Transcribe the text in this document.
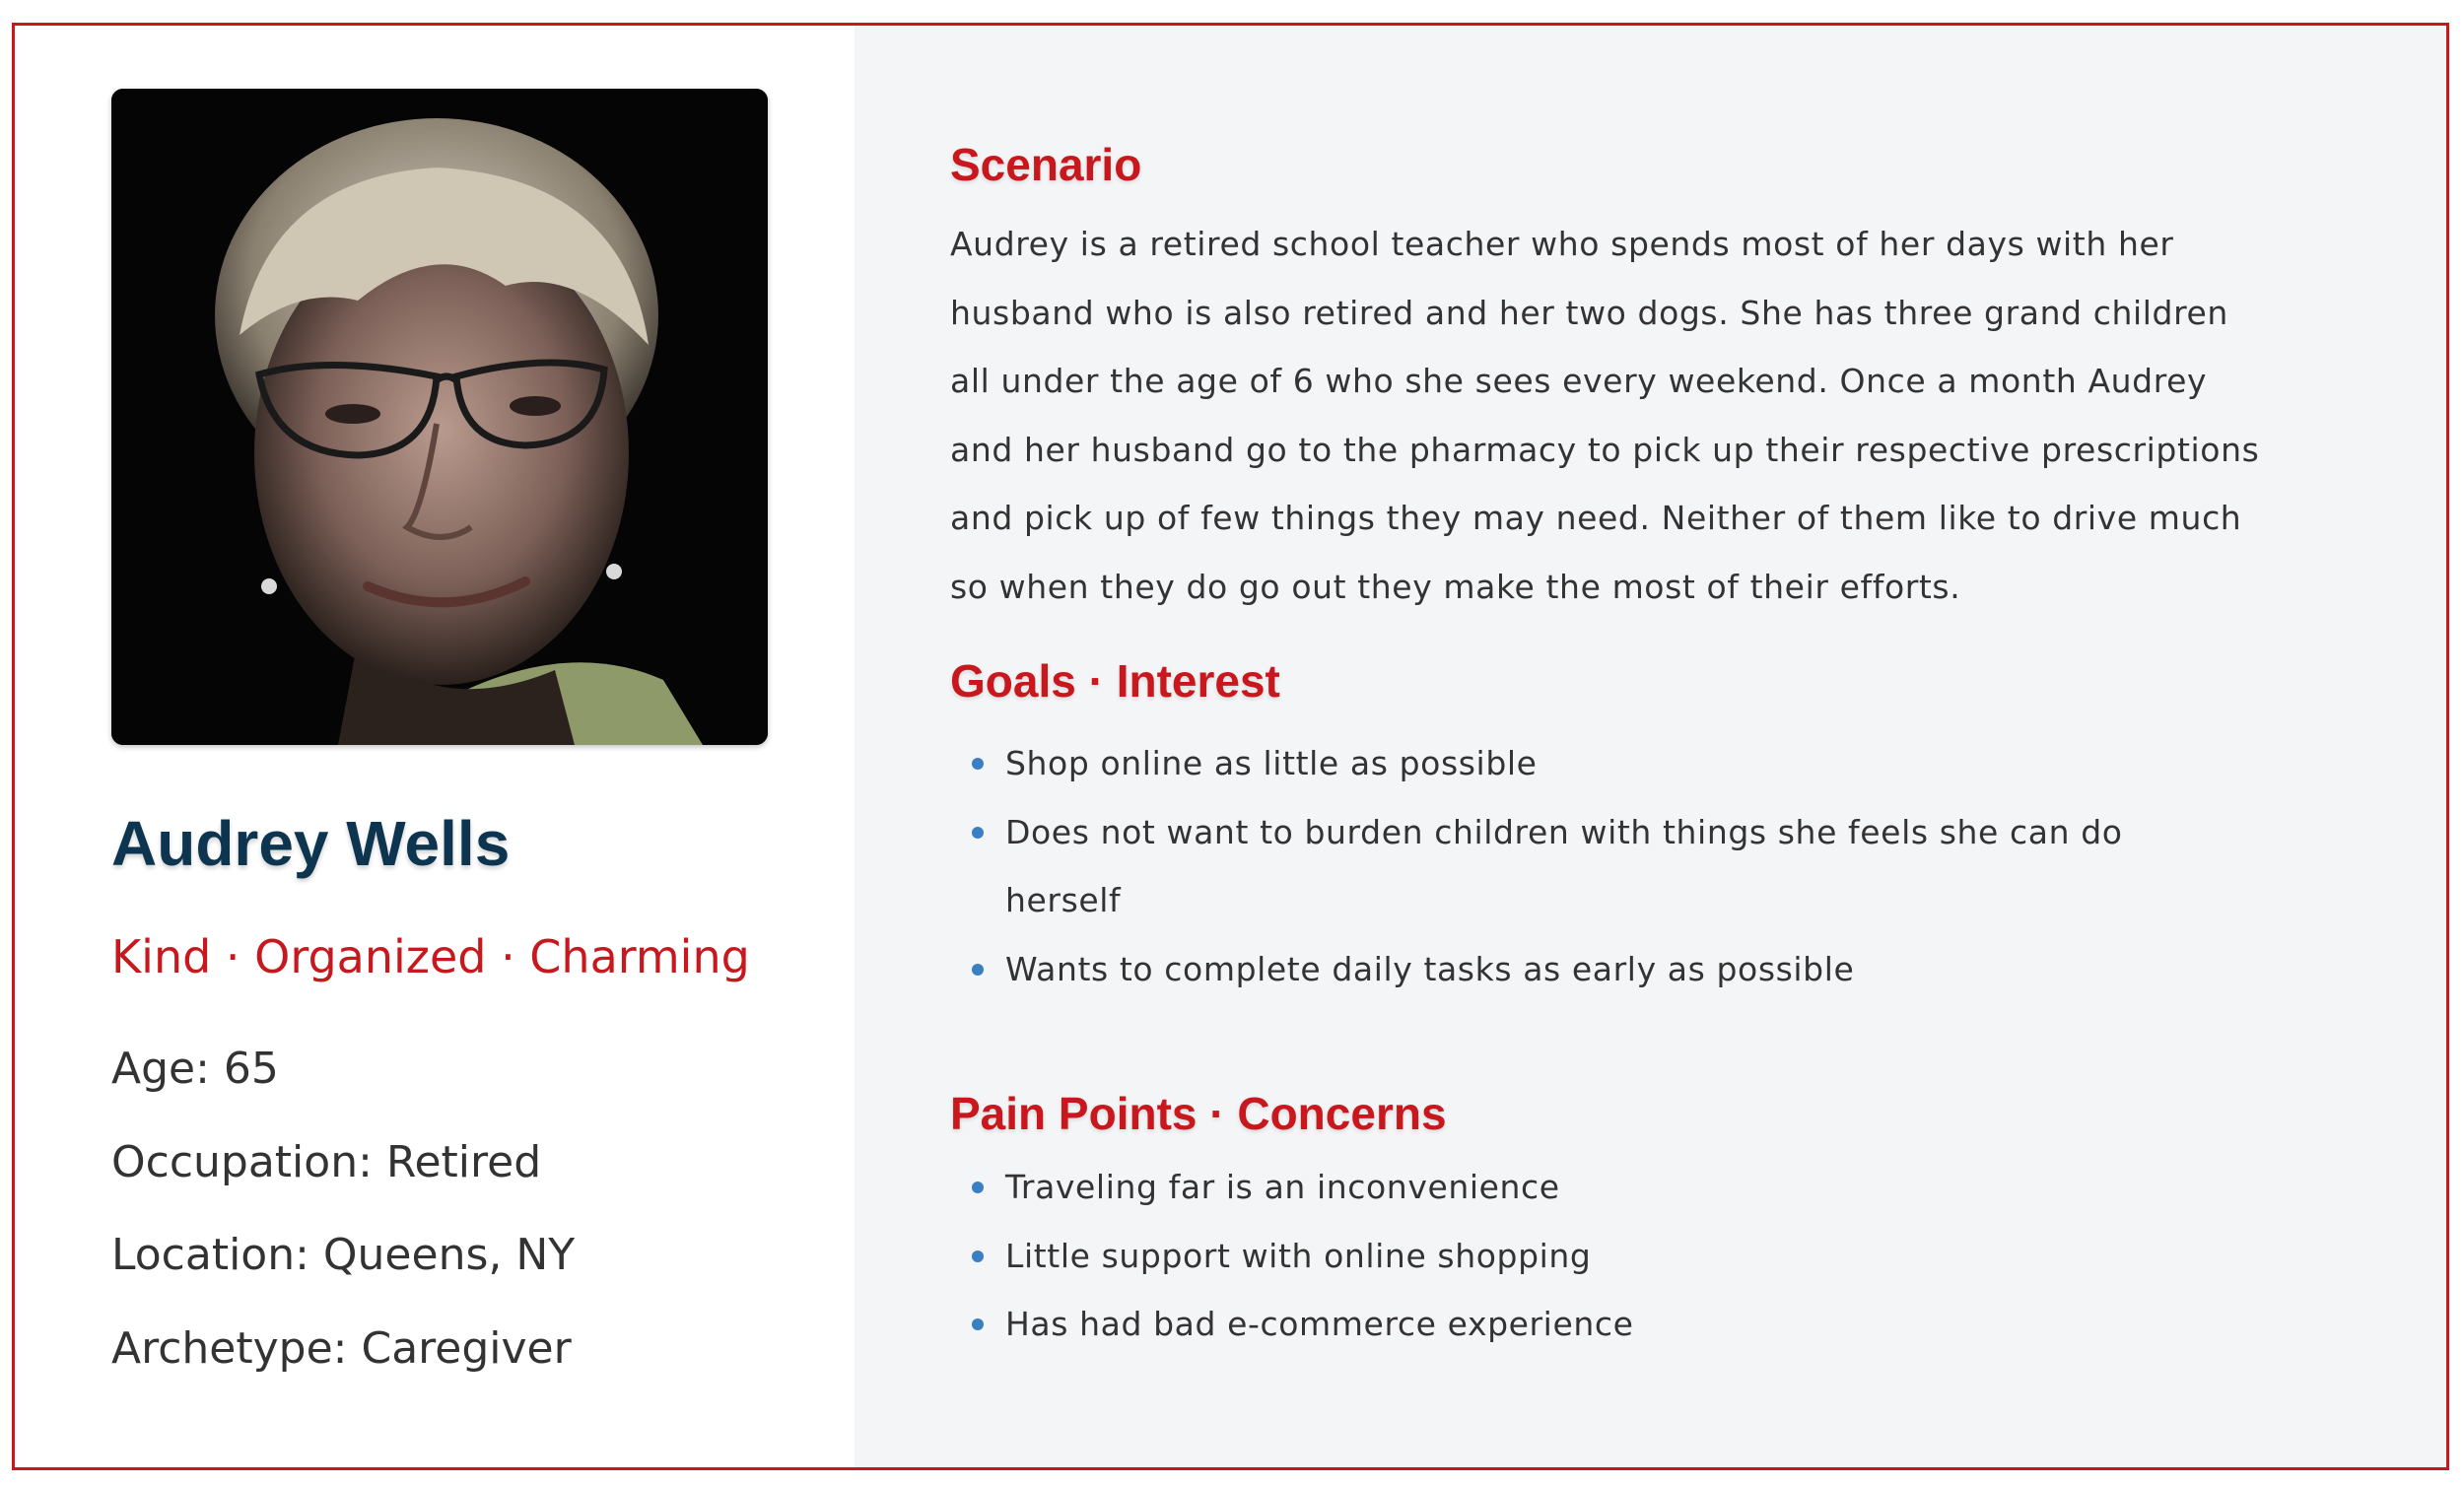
Audrey Wells
Kind · Organized · Charming
Age: 65
Occupation: Retired
Location: Queens, NY
Archetype: Caregiver
Scenario
Audrey is a retired school teacher who spends most of her days with her husband who is also retired and her two dogs. She has three grand children all under the age of 6 who she sees every weekend. Once a month Audrey and her husband go to the pharmacy to pick up their respective prescriptions and pick up of few things they may need. Neither of them like to drive much so when they do go out they make the most of their efforts.
Goals · Interest
Shop online as little as possible
Does not want to burden children with things she feels she can do herself
Wants to complete daily tasks as early as possible
Pain Points · Concerns
Traveling far is an inconvenience
Little support with online shopping
Has had bad e-commerce experience
